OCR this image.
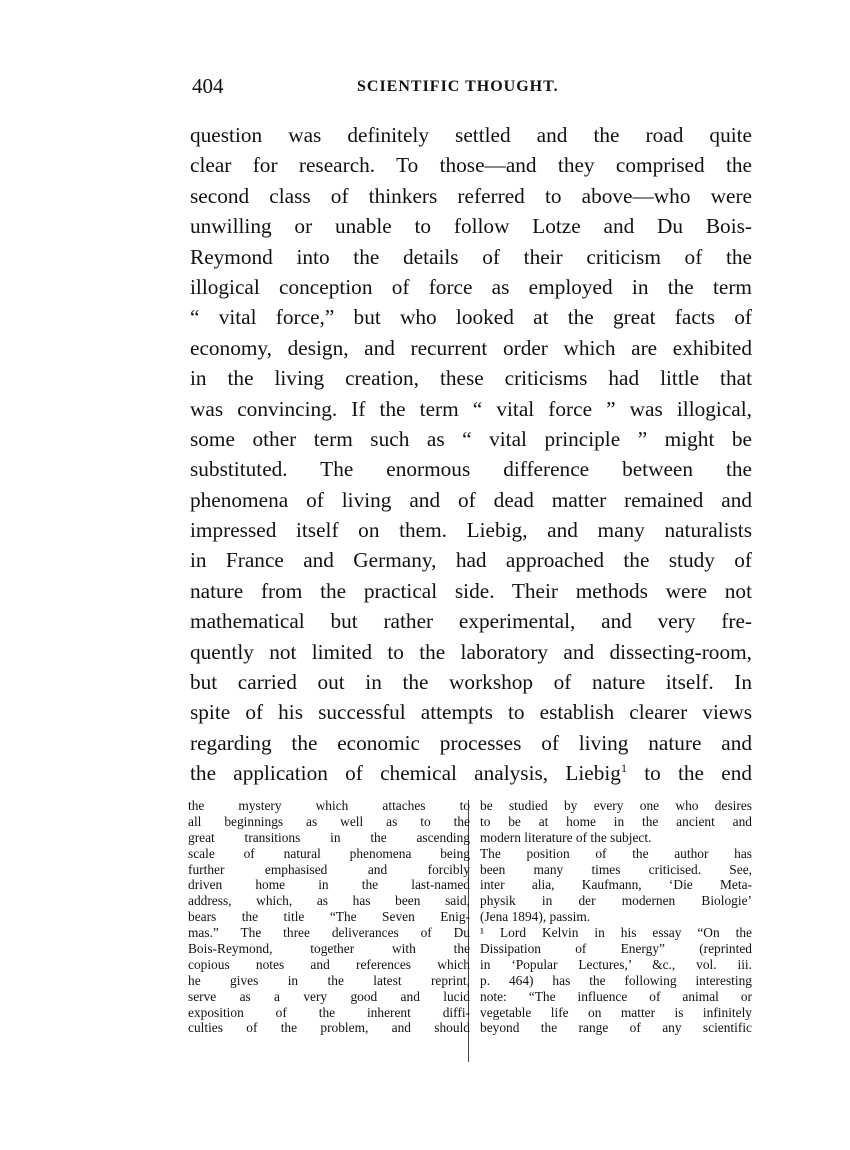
404	SCIENTIFIC THOUGHT.
question was definitely settled and the road quite
clear for research. To those—and they comprised the
second class of thinkers referred to above—who were
unwilling or unable to follow Lotze and Du Bois-
Reymond into the details of their criticism of the
illogical conception of force as employed in the term
“ vital force,” but who looked at the great facts of
economy, design, and recurrent order which are exhibited
in the living creation, these criticisms had little that
was convincing. If the term “ vital force ” was illogical,
some other term such as “ vital principle ” might be
substituted. The enormous difference between the
phenomena of living and of dead matter remained and
impressed itself on them. Liebig, and many naturalists
in France and Germany, had approached the study of
nature from the practical side. Their methods were not
mathematical but rather experimental, and very fre-
quently not limited to the laboratory and dissecting-room,
but carried out in the workshop of nature itself. In
spite of his successful attempts to establish clearer views
regarding the economic processes of living nature and
the application of chemical analysis, Liebig$^1$ to the end
the mystery which attaches to
all beginnings as well as to the
great transitions in the ascending
scale of natural phenomena being
further emphasised and forcibly
driven home in the last-named
address, which, as has been said,
bears the title “The Seven Enig-
mas.” The three deliverances of Du
Bois-Reymond, together with the
copious notes and references which
he gives in the latest reprint,
serve as a very good and lucid
exposition of the inherent diffi-
culties of the problem, and should
be studied by every one who desires
to be at home in the ancient and
modern literature of the subject.
The position of the author has
been many times criticised. See,
inter alia, Kaufmann, ‘Die Meta-
physik in der modernen Biologie’
(Jena 1894), passim.
¹ Lord Kelvin in his essay “On the
Dissipation of Energy” (reprinted
in ‘Popular Lectures,’ &c., vol. iii.
p. 464) has the following interesting
note: “The influence of animal or
vegetable life on matter is infinitely
beyond the range of any scientific
